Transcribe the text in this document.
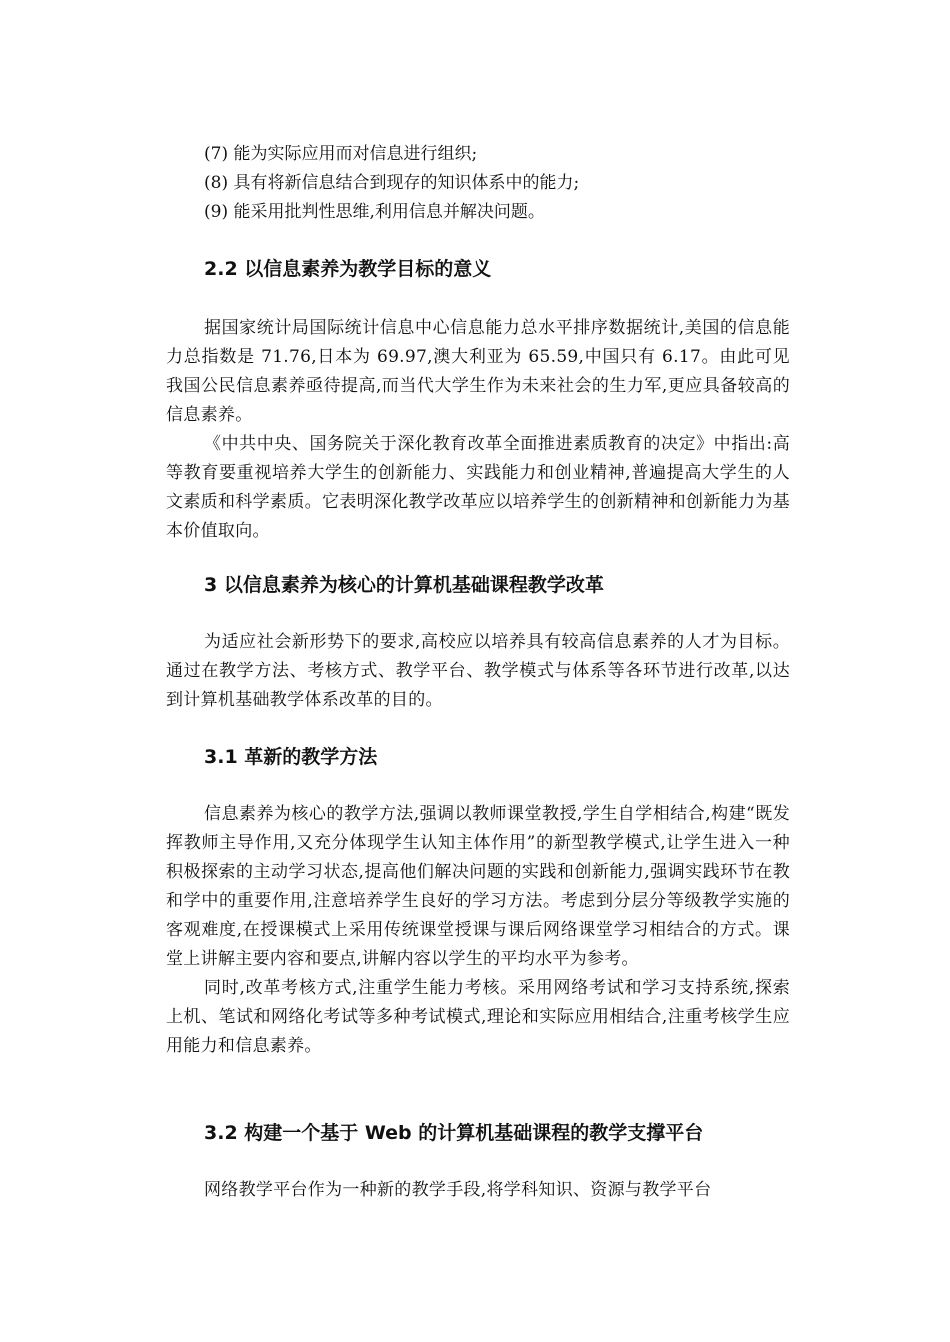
(7) 能为实际应用而对信息进行组织;
(8) 具有将新信息结合到现存的知识体系中的能力;
(9) 能采用批判性思维,利用信息并解决问题。
2.2 以信息素养为教学目标的意义

据国家统计局国际统计信息中心信息能力总水平排序数据统计,美国的信息能力总指数是 71.76,日本为 69.97,澳大利亚为 65.59,中国只有 6.17。由此可见我国公民信息素养亟待提高,而当代大学生作为未来社会的生力军,更应具备较高的信息素养。

《中共中央、国务院关于深化教育改革全面推进素质教育的决定》中指出:高等教育要重视培养大学生的创新能力、实践能力和创业精神,普遍提高大学生的人文素质和科学素质。它表明深化教学改革应以培养学生的创新精神和创新能力为基本价值取向。

3 以信息素养为核心的计算机基础课程教学改革

为适应社会新形势下的要求,高校应以培养具有较高信息素养的人才为目标。通过在教学方法、考核方式、教学平台、教学模式与体系等各环节进行改革,以达到计算机基础教学体系改革的目的。

3.1 革新的教学方法

信息素养为核心的教学方法,强调以教师课堂教授,学生自学相结合,构建“既发挥教师主导作用,又充分体现学生认知主体作用”的新型教学模式,让学生进入一种积极探索的主动学习状态,提高他们解决问题的实践和创新能力,强调实践环节在教和学中的重要作用,注意培养学生良好的学习方法。考虑到分层分等级教学实施的客观难度,在授课模式上采用传统课堂授课与课后网络课堂学习相结合的方式。课堂上讲解主要内容和要点,讲解内容以学生的平均水平为参考。

同时,改革考核方式,注重学生能力考核。采用网络考试和学习支持系统,探索上机、笔试和网络化考试等多种考试模式,理论和实际应用相结合,注重考核学生应用能力和信息素养。

3.2 构建一个基于 Web 的计算机基础课程的教学支撑平台

网络教学平台作为一种新的教学手段,将学科知识、资源与教学平台
